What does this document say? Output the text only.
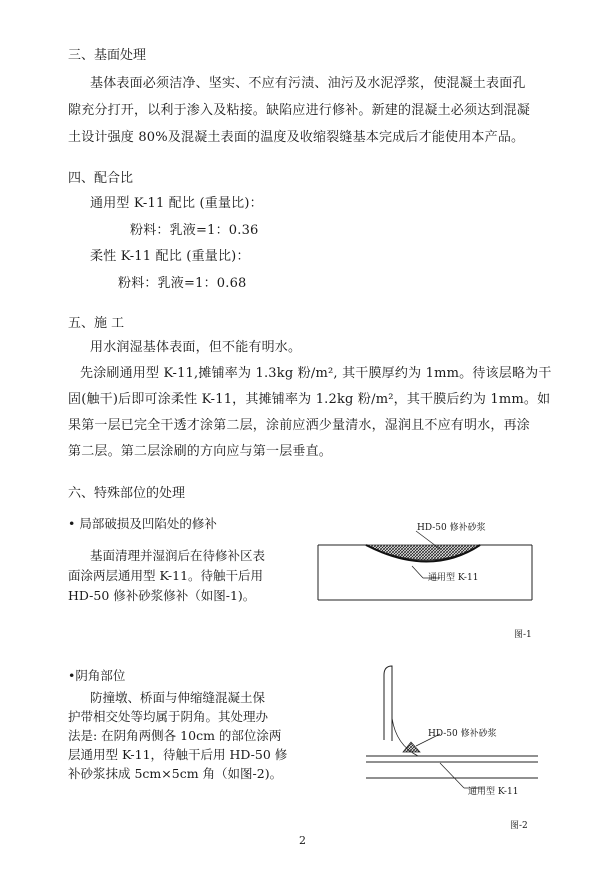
三、基面处理
基体表面必须洁净、坚实、不应有污渍、油污及水泥浮浆，使混凝土表面孔
隙充分打开，以利于渗入及粘接。缺陷应进行修补。新建的混凝土必须达到混凝
土设计强度 80%及混凝土表面的温度及收缩裂缝基本完成后才能使用本产品。
四、配合比
通用型 K-11 配比 (重量比)：
粉料：乳液=1：0.36
柔性 K-11 配比 (重量比)：
粉料：乳液=1：0.68
五、施 工
用水润湿基体表面，但不能有明水。
先涂刷通用型 K-11,摊铺率为 1.3kg 粉/m², 其干膜厚约为 1mm。待该层略为干
固(触干)后即可涂柔性 K-11，其摊铺率为 1.2kg 粉/m²，其干膜后约为 1mm。如
果第一层已完全干透才涂第二层，涂前应洒少量清水，湿润且不应有明水，再涂
第二层。第二层涂刷的方向应与第一层垂直。
六、特殊部位的处理
• 局部破损及凹陷处的修补
基面清理并湿润后在待修补区表
面涂两层通用型 K-11。待触干后用
HD-50 修补砂浆修补（如图-1)。
HD-50 修补砂浆
通用型 K-11
图-1
•阴角部位
防撞墩、桥面与伸缩缝混凝土保
护带相交处等均属于阴角。其处理办
法是: 在阴角两侧各 10cm 的部位涂两
层通用型 K-11，待触干后用 HD-50 修
补砂浆抹成 5cm×5cm 角（如图-2)。
HD-50 修补砂浆
通用型 K-11
图-2
2
